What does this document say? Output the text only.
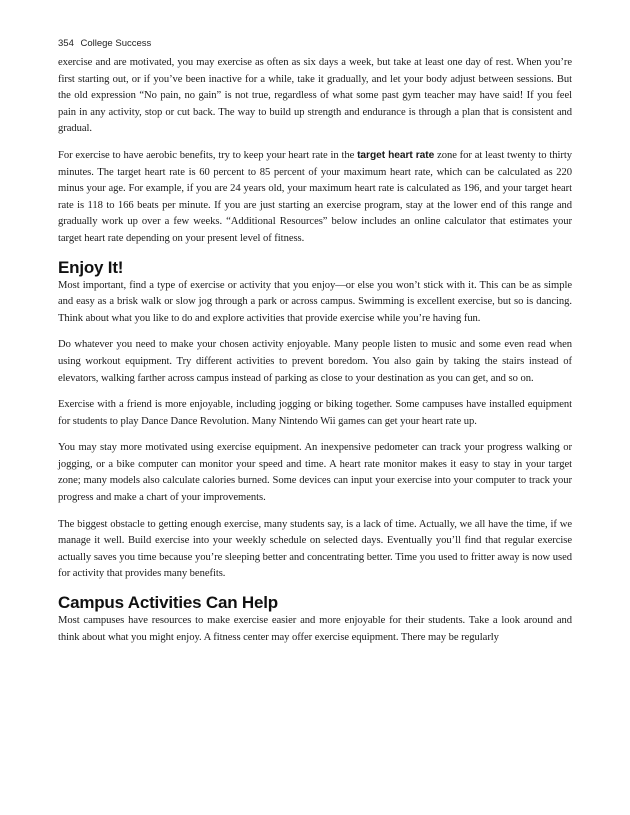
354 College Success

exercise and are motivated, you may exercise as often as six days a week, but take at least one day of rest. When you’re first starting out, or if you’ve been inactive for a while, take it gradually, and let your body adjust between sessions. But the old expression “No pain, no gain” is not true, regardless of what some past gym teacher may have said! If you feel pain in any activity, stop or cut back. The way to build up strength and endurance is through a plan that is consistent and gradual.

For exercise to have aerobic benefits, try to keep your heart rate in the target heart rate zone for at least twenty to thirty minutes. The target heart rate is 60 percent to 85 percent of your maximum heart rate, which can be calculated as 220 minus your age. For example, if you are 24 years old, your maximum heart rate is calculated as 196, and your target heart rate is 118 to 166 beats per minute. If you are just starting an exercise program, stay at the lower end of this range and gradually work up over a few weeks. “Additional Resources” below includes an online calculator that estimates your target heart rate depending on your present level of fitness.

Enjoy It!

Most important, find a type of exercise or activity that you enjoy—or else you won’t stick with it. This can be as simple and easy as a brisk walk or slow jog through a park or across campus. Swimming is excellent exercise, but so is dancing. Think about what you like to do and explore activities that provide exercise while you’re having fun.

Do whatever you need to make your chosen activity enjoyable. Many people listen to music and some even read when using workout equipment. Try different activities to prevent boredom. You also gain by taking the stairs instead of elevators, walking farther across campus instead of parking as close to your destination as you can get, and so on.

Exercise with a friend is more enjoyable, including jogging or biking together. Some campuses have installed equipment for students to play Dance Dance Revolution. Many Nintendo Wii games can get your heart rate up.

You may stay more motivated using exercise equipment. An inexpensive pedometer can track your progress walking or jogging, or a bike computer can monitor your speed and time. A heart rate monitor makes it easy to stay in your target zone; many models also calculate calories burned. Some devices can input your exercise into your computer to track your progress and make a chart of your improvements.

The biggest obstacle to getting enough exercise, many students say, is a lack of time. Actually, we all have the time, if we manage it well. Build exercise into your weekly schedule on selected days. Eventually you’ll find that regular exercise actually saves you time because you’re sleeping better and concentrating better. Time you used to fritter away is now used for activity that provides many benefits.

Campus Activities Can Help

Most campuses have resources to make exercise easier and more enjoyable for their students. Take a look around and think about what you might enjoy. A fitness center may offer exercise equipment. There may be regularly
